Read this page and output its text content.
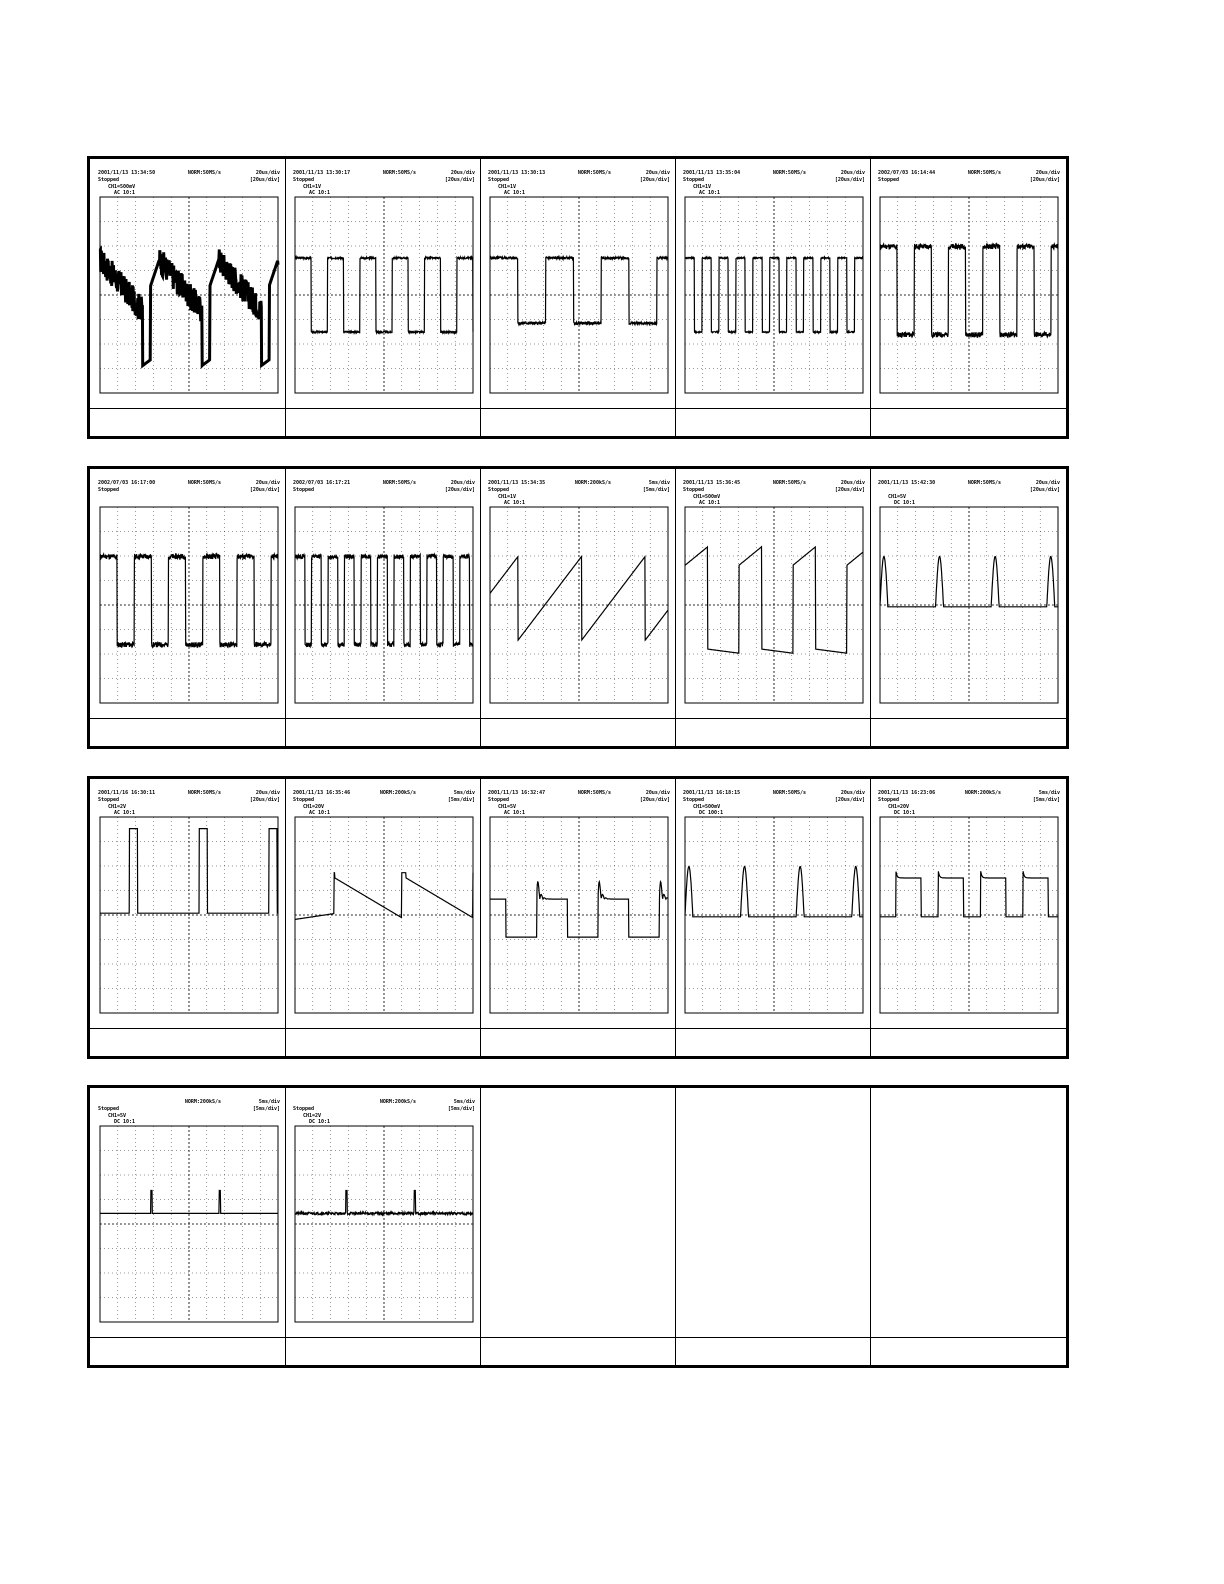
2001/11/13 13:34:50
Stopped
NORM:50MS/s	20us/div
[20us/div]
CH1=500mV
AC 10:1
2001/11/13 13:30:17
Stopped
NORM:50MS/s	20us/div
[20us/div]
CH1=1V
AC 10:1
2001/11/13 13:30:13
Stopped
NORM:50MS/s	20us/div
[20us/div]
CH1=1V
AC 10:1
2001/11/13 13:35:04
Stopped
NORM:50MS/s	20us/div
[20us/div]
CH1=1V
AC 10:1
2002/07/03 16:14:44
Stopped
NORM:50MS/s	20us/div
[20us/div]
2002/07/03 16:17:00
Stopped
NORM:50MS/s	20us/div
[20us/div]
2002/07/03 16:17:21
Stopped
NORM:50MS/s	20us/div
[20us/div]
2001/11/13 15:34:35
Stopped
NORM:200kS/s	5ms/div
[5ms/div]
CH1=1V
AC 10:1
2001/11/13 15:36:45
Stopped
NORM:50MS/s	20us/div
[20us/div]
CH1=500mV
AC 10:1
2001/11/13 15:42:30	NORM:50MS/s	20us/div
[20us/div]
CH1=5V
DC 10:1
2001/11/16 16:30:11
Stopped
NORM:50MS/s	20us/div
[20us/div]
CH1=2V
AC 10:1
2001/11/13 16:35:46
Stopped
NORM:200kS/s	5ms/div
[5ms/div]
CH1=20V
AC 10:1
2001/11/13 16:32:47
Stopped
NORM:50MS/s	20us/div
[20us/div]
CH1=5V
AC 10:1
2001/11/13 16:18:15
Stopped
NORM:50MS/s	20us/div
[20us/div]
CH1=500mV
DC 100:1
2001/11/13 16:23:06
Stopped
NORM:200kS/s	5ms/div
[5ms/div]
CH1=20V
DC 10:1
Stopped
NORM:200kS/s	5ms/div
[5ms/div]
CH1=5V
DC 10:1
Stopped
NORM:200kS/s	5ms/div
[5ms/div]
CH1=2V
DC 10:1
